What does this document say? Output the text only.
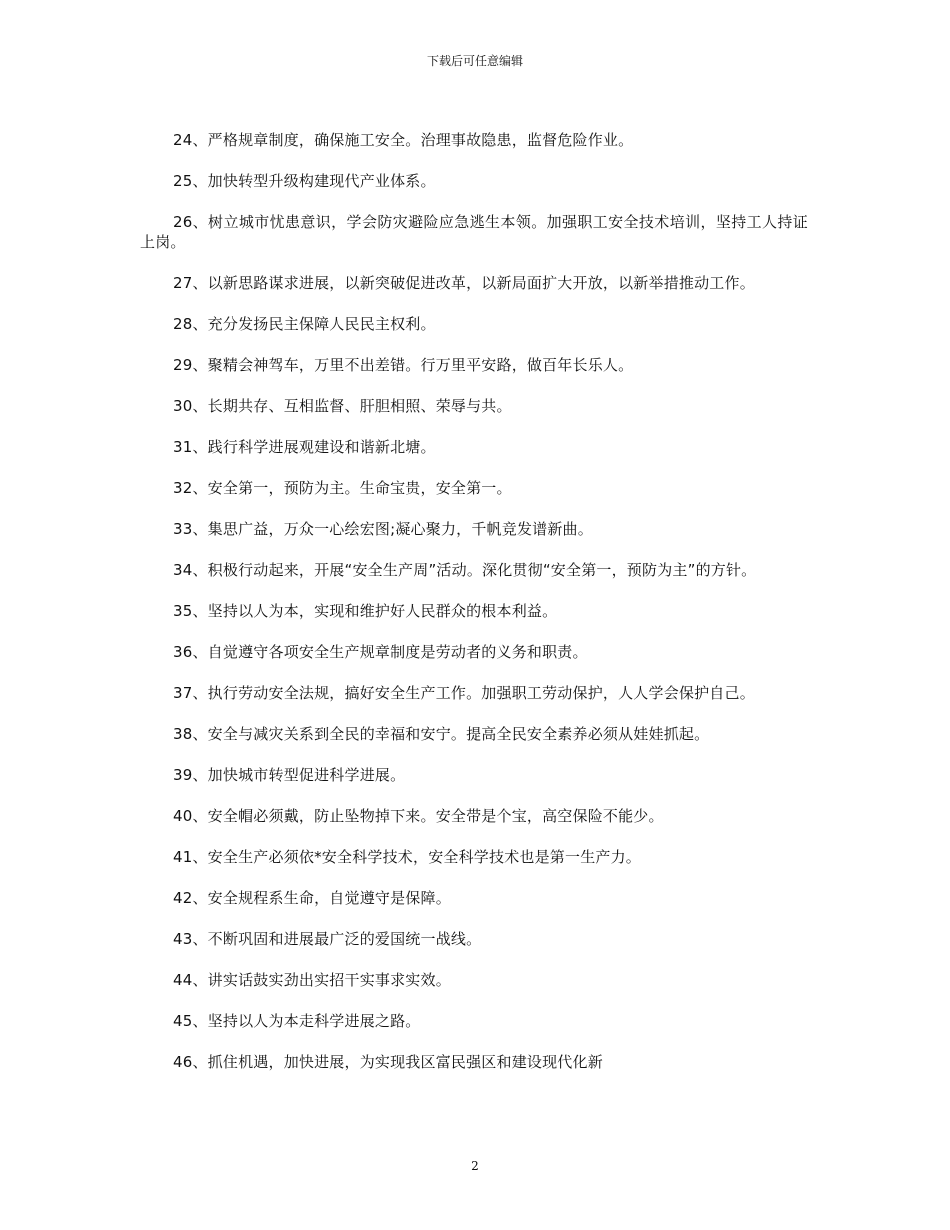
下载后可任意编辑

24、严格规章制度，确保施工安全。治理事故隐患，监督危险作业。

25、加快转型升级构建现代产业体系。

26、树立城市忧患意识，学会防灾避险应急逃生本领。加强职工安全技术培训，坚持工人持证上岗。

27、以新思路谋求进展，以新突破促进改革，以新局面扩大开放，以新举措推动工作。

28、充分发扬民主保障人民民主权利。

29、聚精会神驾车，万里不出差错。行万里平安路，做百年长乐人。

30、长期共存、互相监督、肝胆相照、荣辱与共。

31、践行科学进展观建设和谐新北塘。

32、安全第一，预防为主。生命宝贵，安全第一。

33、集思广益，万众一心绘宏图;凝心聚力，千帆竞发谱新曲。

34、积极行动起来，开展“安全生产周”活动。深化贯彻“安全第一，预防为主”的方针。

35、坚持以人为本，实现和维护好人民群众的根本利益。

36、自觉遵守各项安全生产规章制度是劳动者的义务和职责。

37、执行劳动安全法规，搞好安全生产工作。加强职工劳动保护，人人学会保护自己。

38、安全与减灾关系到全民的幸福和安宁。提高全民安全素养必须从娃娃抓起。

39、加快城市转型促进科学进展。

40、安全帽必须戴，防止坠物掉下来。安全带是个宝，高空保险不能少。

41、安全生产必须依*安全科学技术，安全科学技术也是第一生产力。

42、安全规程系生命，自觉遵守是保障。

43、不断巩固和进展最广泛的爱国统一战线。

44、讲实话鼓实劲出实招干实事求实效。

45、坚持以人为本走科学进展之路。

46、抓住机遇，加快进展，为实现我区富民强区和建设现代化新

2
